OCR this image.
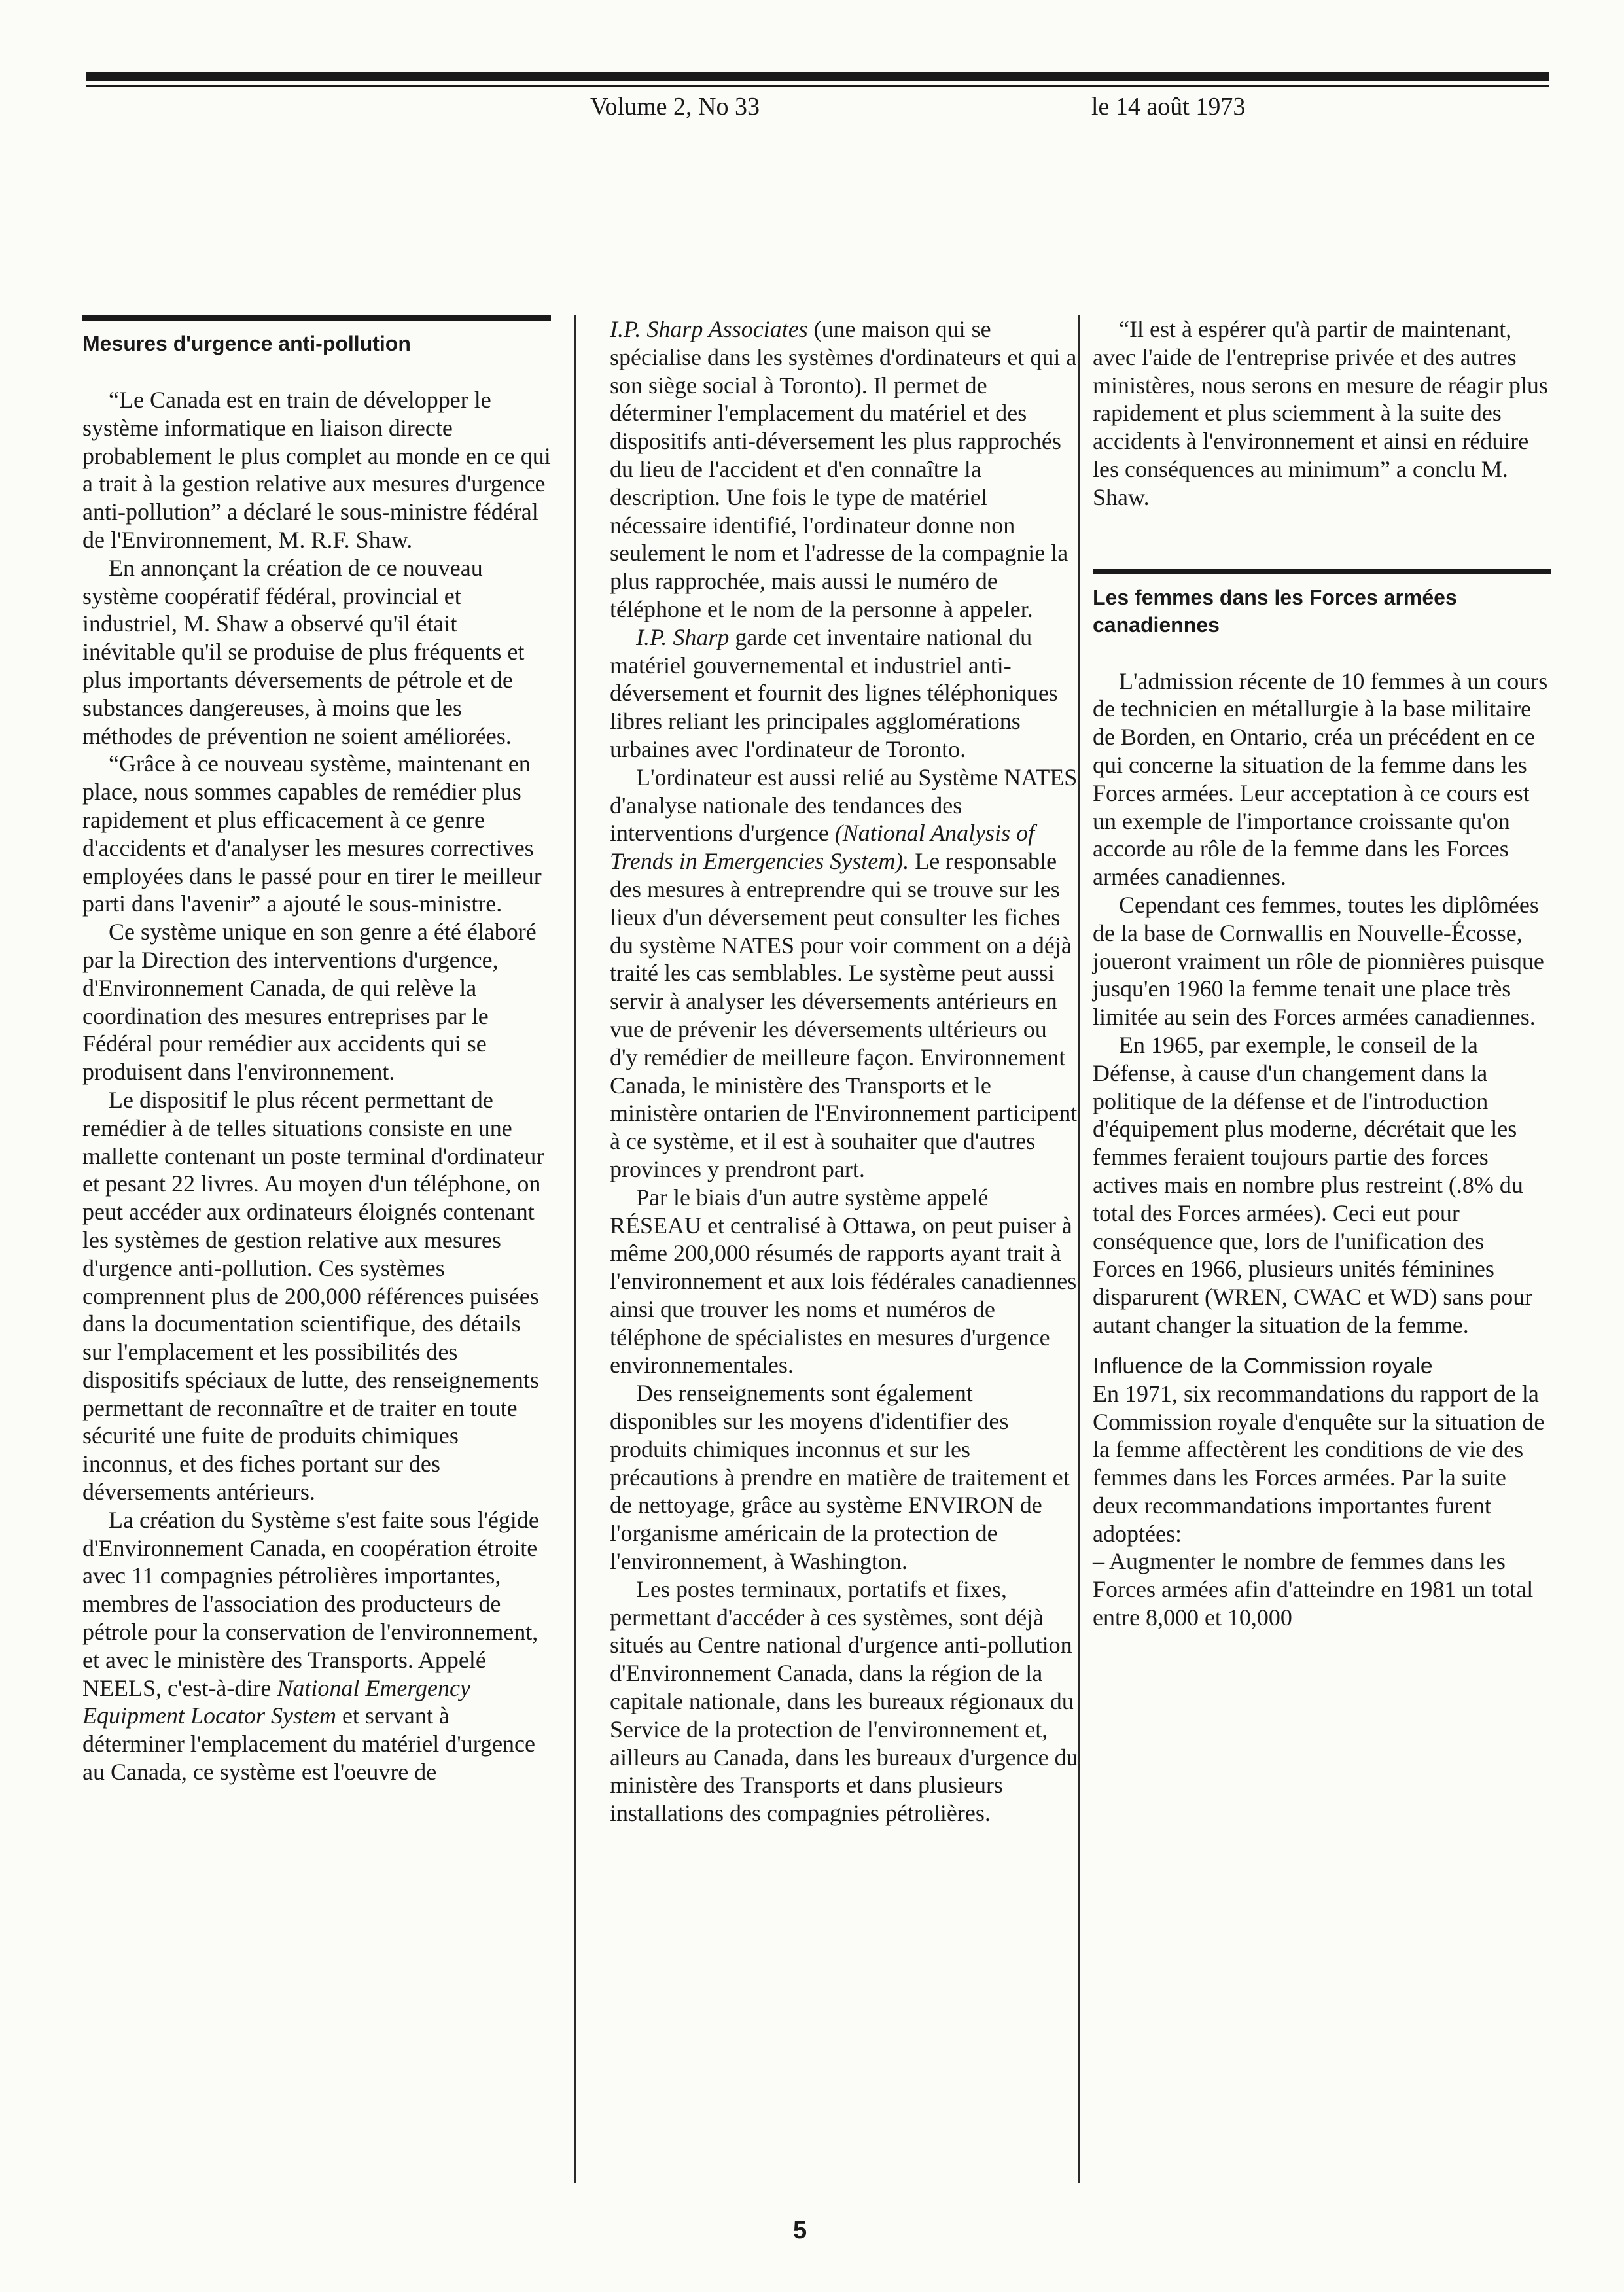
Volume 2, No 33	le 14 août 1973
Mesures d'urgence anti-pollution

“Le Canada est en train de développer le système informatique en liaison directe probablement le plus complet au monde en ce qui a trait à la gestion relative aux mesures d'urgence anti-pollution” a déclaré le sous-ministre fédéral de l'Environnement, M. R.F. Shaw.

En annonçant la création de ce nouveau système coopératif fédéral, provincial et industriel, M. Shaw a observé qu'il était inévitable qu'il se produise de plus fréquents et plus importants déversements de pétrole et de substances dangereuses, à moins que les méthodes de prévention ne soient améliorées.

“Grâce à ce nouveau système, maintenant en place, nous sommes capables de remédier plus rapidement et plus efficacement à ce genre d'accidents et d'analyser les mesures correctives employées dans le passé pour en tirer le meilleur parti dans l'avenir” a ajouté le sous-ministre.

Ce système unique en son genre a été élaboré par la Direction des interventions d'urgence, d'Environnement Canada, de qui relève la coordination des mesures entreprises par le Fédéral pour remédier aux accidents qui se produisent dans l'environnement.

Le dispositif le plus récent permettant de remédier à de telles situations consiste en une mallette contenant un poste terminal d'ordinateur et pesant 22 livres. Au moyen d'un téléphone, on peut accéder aux ordinateurs éloignés contenant les systèmes de gestion relative aux mesures d'urgence anti-pollution. Ces systèmes comprennent plus de 200,000 références puisées dans la documentation scientifique, des détails sur l'emplacement et les possibilités des dispositifs spéciaux de lutte, des renseignements permettant de reconnaître et de traiter en toute sécurité une fuite de produits chimiques inconnus, et des fiches portant sur des déversements antérieurs.

La création du Système s'est faite sous l'égide d'Environnement Canada, en coopération étroite avec 11 compagnies pétrolières importantes, membres de l'association des producteurs de pétrole pour la conservation de l'environnement, et avec le ministère des Transports. Appelé NEELS, c'est-à-dire National Emergency Equipment Locator System et servant à déterminer l'emplacement du matériel d'urgence au Canada, ce système est l'oeuvre de

I.P. Sharp Associates (une maison qui se spécialise dans les systèmes d'ordinateurs et qui a son siège social à Toronto). Il permet de déterminer l'emplacement du matériel et des dispositifs anti-déversement les plus rapprochés du lieu de l'accident et d'en connaître la description. Une fois le type de matériel nécessaire identifié, l'ordinateur donne non seulement le nom et l'adresse de la compagnie la plus rapprochée, mais aussi le numéro de téléphone et le nom de la personne à appeler.

I.P. Sharp garde cet inventaire national du matériel gouvernemental et industriel anti-déversement et fournit des lignes téléphoniques libres reliant les principales agglomérations urbaines avec l'ordinateur de Toronto.

L'ordinateur est aussi relié au Système NATES d'analyse nationale des tendances des interventions d'urgence (National Analysis of Trends in Emergencies System). Le responsable des mesures à entreprendre qui se trouve sur les lieux d'un déversement peut consulter les fiches du système NATES pour voir comment on a déjà traité les cas semblables. Le système peut aussi servir à analyser les déversements antérieurs en vue de prévenir les déversements ultérieurs ou d'y remédier de meilleure façon. Environnement Canada, le ministère des Transports et le ministère ontarien de l'Environnement participent à ce système, et il est à souhaiter que d'autres provinces y prendront part.

Par le biais d'un autre système appelé RÉSEAU et centralisé à Ottawa, on peut puiser à même 200,000 résumés de rapports ayant trait à l'environnement et aux lois fédérales canadiennes ainsi que trouver les noms et numéros de téléphone de spécialistes en mesures d'urgence environnementales.

Des renseignements sont également disponibles sur les moyens d'identifier des produits chimiques inconnus et sur les précautions à prendre en matière de traitement et de nettoyage, grâce au système ENVIRON de l'organisme américain de la protection de l'environnement, à Washington.

Les postes terminaux, portatifs et fixes, permettant d'accéder à ces systèmes, sont déjà situés au Centre national d'urgence anti-pollution d'Environnement Canada, dans la région de la capitale nationale, dans les bureaux régionaux du Service de la protection de l'environnement et, ailleurs au Canada, dans les bureaux d'urgence du ministère des Transports et dans plusieurs installations des compagnies pétrolières.

“Il est à espérer qu'à partir de maintenant, avec l'aide de l'entreprise privée et des autres ministères, nous serons en mesure de réagir plus rapidement et plus sciemment à la suite des accidents à l'environnement et ainsi en réduire les conséquences au minimum” a conclu M. Shaw.

Les femmes dans les Forces armées canadiennes

L'admission récente de 10 femmes à un cours de technicien en métallurgie à la base militaire de Borden, en Ontario, créa un précédent en ce qui concerne la situation de la femme dans les Forces armées. Leur acceptation à ce cours est un exemple de l'importance croissante qu'on accorde au rôle de la femme dans les Forces armées canadiennes.

Cependant ces femmes, toutes les diplômées de la base de Cornwallis en Nouvelle-Écosse, joueront vraiment un rôle de pionnières puisque jusqu'en 1960 la femme tenait une place très limitée au sein des Forces armées canadiennes.

En 1965, par exemple, le conseil de la Défense, à cause d'un changement dans la politique de la défense et de l'introduction d'équipement plus moderne, décrétait que les femmes feraient toujours partie des forces actives mais en nombre plus restreint (.8% du total des Forces armées). Ceci eut pour conséquence que, lors de l'unification des Forces en 1966, plusieurs unités féminines disparurent (WREN, CWAC et WD) sans pour autant changer la situation de la femme.

Influence de la Commission royale

En 1971, six recommandations du rapport de la Commission royale d'enquête sur la situation de la femme affectèrent les conditions de vie des femmes dans les Forces armées. Par la suite deux recommandations importantes furent adoptées:

– Augmenter le nombre de femmes dans les Forces armées afin d'atteindre en 1981 un total entre 8,000 et 10,000

5
